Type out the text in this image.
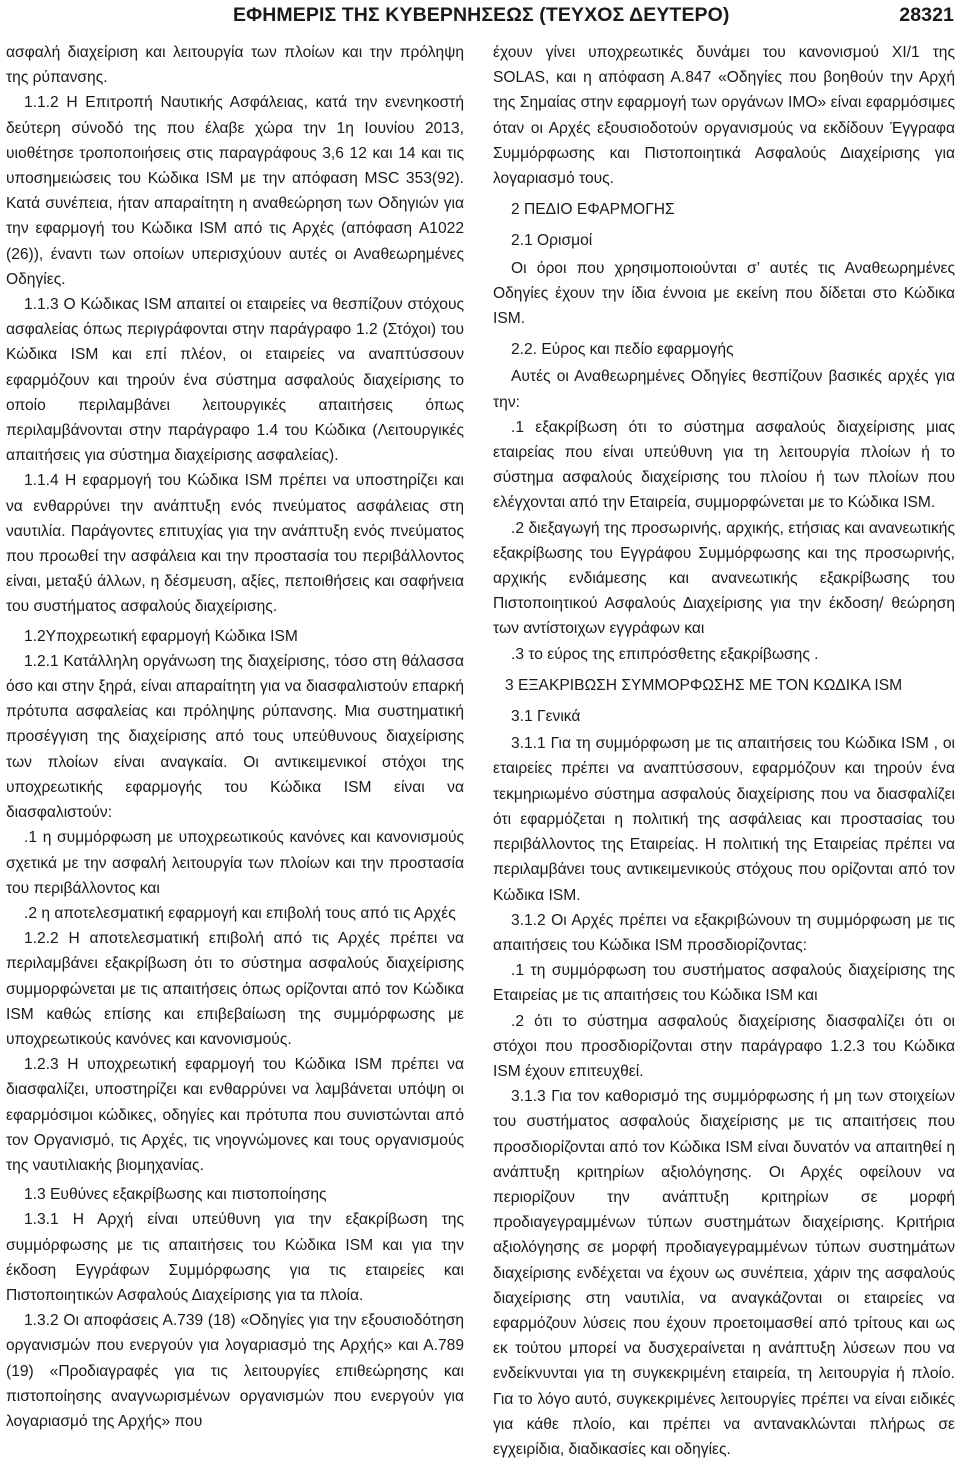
ΕΦΗΜΕΡΙΣ ΤΗΣ ΚΥΒΕΡΝΗΣΕΩΣ (ΤΕΥΧΟΣ ΔΕΥΤΕΡΟ)	28321

ασφαλή διαχείριση και λειτουργία των πλοίων και την πρόληψη της ρύπανσης.

1.1.2 Η Επιτροπή Ναυτικής Ασφάλειας, κατά την ενενηκοστή δεύτερη σύνοδό της που έλαβε χώρα την 1η Ιουνίου 2013, υιοθέτησε τροποποιήσεις στις παραγράφους 3,6 12 και 14 και τις υποσημειώσεις του Κώδικα ISM με την απόφαση MSC 353(92). Κατά συνέπεια, ήταν απαραίτητη η αναθεώρηση των Οδηγιών για την εφαρμογή του Κώδικα ISM από τις Αρχές (απόφαση A1022 (26)), έναντι των οποίων υπερισχύουν αυτές οι Αναθεωρημένες Οδηγίες.

1.1.3 Ο Κώδικας ISM απαιτεί οι εταιρείες να θεσπίζουν στόχους ασφαλείας όπως περιγράφονται στην παράγραφο 1.2 (Στόχοι) του Κώδικα ISM και επί πλέον, οι εταιρείες να αναπτύσσουν εφαρμόζουν και τηρούν ένα σύστημα ασφαλούς διαχείρισης το οποίο περιλαμβάνει λειτουργικές απαιτήσεις όπως περιλαμβάνονται στην παράγραφο 1.4 του Κώδικα (Λειτουργικές απαιτήσεις για σύστημα διαχείρισης ασφαλείας).

1.1.4 Η εφαρμογή του Κώδικα ISM πρέπει να υποστηρίζει και να ενθαρρύνει την ανάπτυξη ενός πνεύματος ασφάλειας στη ναυτιλία. Παράγοντες επιτυχίας για την ανάπτυξη ενός πνεύματος που προωθεί την ασφάλεια και την προστασία του περιβάλλοντος είναι, μεταξύ άλλων, η δέσμευση, αξίες, πεποιθήσεις και σαφήνεια του συστήματος ασφαλούς διαχείρισης.

1.2Υποχρεωτική εφαρμογή Κώδικα ISM

1.2.1 Κατάλληλη οργάνωση της διαχείρισης, τόσο στη θάλασσα όσο και στην ξηρά, είναι απαραίτητη για να διασφαλιστούν επαρκή πρότυπα ασφαλείας και πρόληψης ρύπανσης. Μια συστηματική προσέγγιση της διαχείρισης από τους υπεύθυνους διαχείρισης των πλοίων είναι αναγκαία. Οι αντικειμενικοί στόχοι της υποχρεωτικής εφαρμογής του Κώδικα ISM είναι να διασφαλιστούν:

.1 η συμμόρφωση με υποχρεωτικούς κανόνες και κανονισμούς σχετικά με την ασφαλή λειτουργία των πλοίων και την προστασία του περιβάλλοντος και

.2 η αποτελεσματική εφαρμογή και επιβολή τους από τις Αρχές

1.2.2 Η αποτελεσματική επιβολή από τις Αρχές πρέπει να περιλαμβάνει εξακρίβωση ότι το σύστημα ασφαλούς διαχείρισης συμμορφώνεται με τις απαιτήσεις όπως ορίζονται από τον Κώδικα ISM καθώς επίσης και επιβεβαίωση της συμμόρφωσης με υποχρεωτικούς κανόνες και κανονισμούς.

1.2.3 Η υποχρεωτική εφαρμογή του Κώδικα ISM πρέπει να διασφαλίζει, υποστηρίζει και ενθαρρύνει να λαμβάνεται υπόψη οι εφαρμόσιμοι κώδικες, οδηγίες και πρότυπα που συνιστώνται από τον Οργανισμό, τις Αρχές, τις νηογνώμονες και τους οργανισμούς της ναυτιλιακής βιομηχανίας.

1.3 Ευθύνες εξακρίβωσης και πιστοποίησης

1.3.1 Η Αρχή είναι υπεύθυνη για την εξακρίβωση της συμμόρφωσης με τις απαιτήσεις του Κώδικα ISM και για την έκδοση Εγγράφων Συμμόρφωσης για τις εταιρείες και Πιστοποιητικών Ασφαλούς Διαχείρισης για τα πλοία.

1.3.2 Οι αποφάσεις Α.739 (18) «Οδηγίες για την εξουσιοδότηση οργανισμών που ενεργούν για λογαριασμό της Αρχής» και Α.789 (19) «Προδιαγραφές για τις λειτουργίες επιθεώρησης και πιστοποίησης αναγνωρισμένων οργανισμών που ενεργούν για λογαριασμό της Αρχής» που

έχουν γίνει υποχρεωτικές δυνάμει του κανονισμού XI/1 της SOLAS, και η απόφαση Α.847 «Οδηγίες που βοηθούν την Αρχή της Σημαίας στην εφαρμογή των οργάνων IMO» είναι εφαρμόσιμες όταν οι Αρχές εξουσιοδοτούν οργανισμούς να εκδίδουν Έγγραφα Συμμόρφωσης και Πιστοποιητικά Ασφαλούς Διαχείρισης για λογαριασμό τους.

2 ΠΕΔΙΟ ΕΦΑΡΜΟΓΗΣ

2.1 Ορισμοί

Οι όροι που χρησιμοποιούνται σ’ αυτές τις Αναθεωρημένες Οδηγίες έχουν την ίδια έννοια με εκείνη που δίδεται στο Κώδικα ISM.

2.2. Εύρος και πεδίο εφαρμογής

Αυτές οι Αναθεωρημένες Οδηγίες θεσπίζουν βασικές αρχές για την:

.1 εξακρίβωση ότι το σύστημα ασφαλούς διαχείρισης μιας εταιρείας που είναι υπεύθυνη για τη λειτουργία πλοίων ή το σύστημα ασφαλούς διαχείρισης του πλοίου ή των πλοίων που ελέγχονται από την Εταιρεία, συμμορφώνεται με το Κώδικα ISM.

.2 διεξαγωγή της προσωρινής, αρχικής, ετήσιας και ανανεωτικής εξακρίβωσης του Εγγράφου Συμμόρφωσης και της προσωρινής, αρχικής ενδιάμεσης και ανανεωτικής εξακρίβωσης του Πιστοποιητικού Ασφαλούς Διαχείρισης για την έκδοση/ θεώρηση των αντίστοιχων εγγράφων και

.3 το εύρος της επιπρόσθετης εξακρίβωσης .

3 ΕΞΑΚΡΙΒΩΣΗ ΣΥΜΜΟΡΦΩΣΗΣ ΜΕ ΤΟΝ ΚΩΔΙΚΑ ISM

3.1 Γενικά

3.1.1 Για τη συμμόρφωση με τις απαιτήσεις του Κώδικα ISM , οι εταιρείες πρέπει να αναπτύσσουν, εφαρμόζουν και τηρούν ένα τεκμηριωμένο σύστημα ασφαλούς διαχείρισης που να διασφαλίζει ότι εφαρμόζεται η πολιτική της ασφάλειας και προστασίας του περιβάλλοντος της Εταιρείας. Η πολιτική της Εταιρείας πρέπει να περιλαμβάνει τους αντικειμενικούς στόχους που ορίζονται από τον Κώδικα ISM.

3.1.2 Οι Αρχές πρέπει να εξακριβώνουν τη συμμόρφωση με τις απαιτήσεις του Κώδικα ISM προσδιορίζοντας:

.1 τη συμμόρφωση του συστήματος ασφαλούς διαχείρισης της Εταιρείας με τις απαιτήσεις του Κώδικα ISM και

.2 ότι το σύστημα ασφαλούς διαχείρισης διασφαλίζει ότι οι στόχοι που προσδιορίζονται στην παράγραφο 1.2.3 του Κώδικα ISM έχουν επιτευχθεί.

3.1.3 Για τον καθορισμό της συμμόρφωσης ή μη των στοιχείων του συστήματος ασφαλούς διαχείρισης με τις απαιτήσεις που προσδιορίζονται από τον Κώδικα ISM είναι δυνατόν να απαιτηθεί η ανάπτυξη κριτηρίων αξιολόγησης. Οι Αρχές οφείλουν να περιορίζουν την ανάπτυξη κριτηρίων σε μορφή προδιαγεγραμμένων τύπων συστημάτων διαχείρισης. Κριτήρια αξιολόγησης σε μορφή προδιαγεγραμμένων τύπων συστημάτων διαχείρισης ενδέχεται να έχουν ως συνέπεια, χάριν της ασφαλούς διαχείρισης στη ναυτιλία, να αναγκάζονται οι εταιρείες να εφαρμόζουν λύσεις που έχουν προετοιμασθεί από τρίτους και ως εκ τούτου μπορεί να δυσχεραίνεται η ανάπτυξη λύσεων που να ενδείκνυνται για τη συγκεκριμένη εταιρεία, τη λειτουργία ή πλοίο. Για το λόγο αυτό, συγκεκριμένες λειτουργίες πρέπει να είναι ειδικές για κάθε πλοίο, και πρέπει να αντανακλώνται πλήρως σε εγχειρίδια, διαδικασίες και οδηγίες.
